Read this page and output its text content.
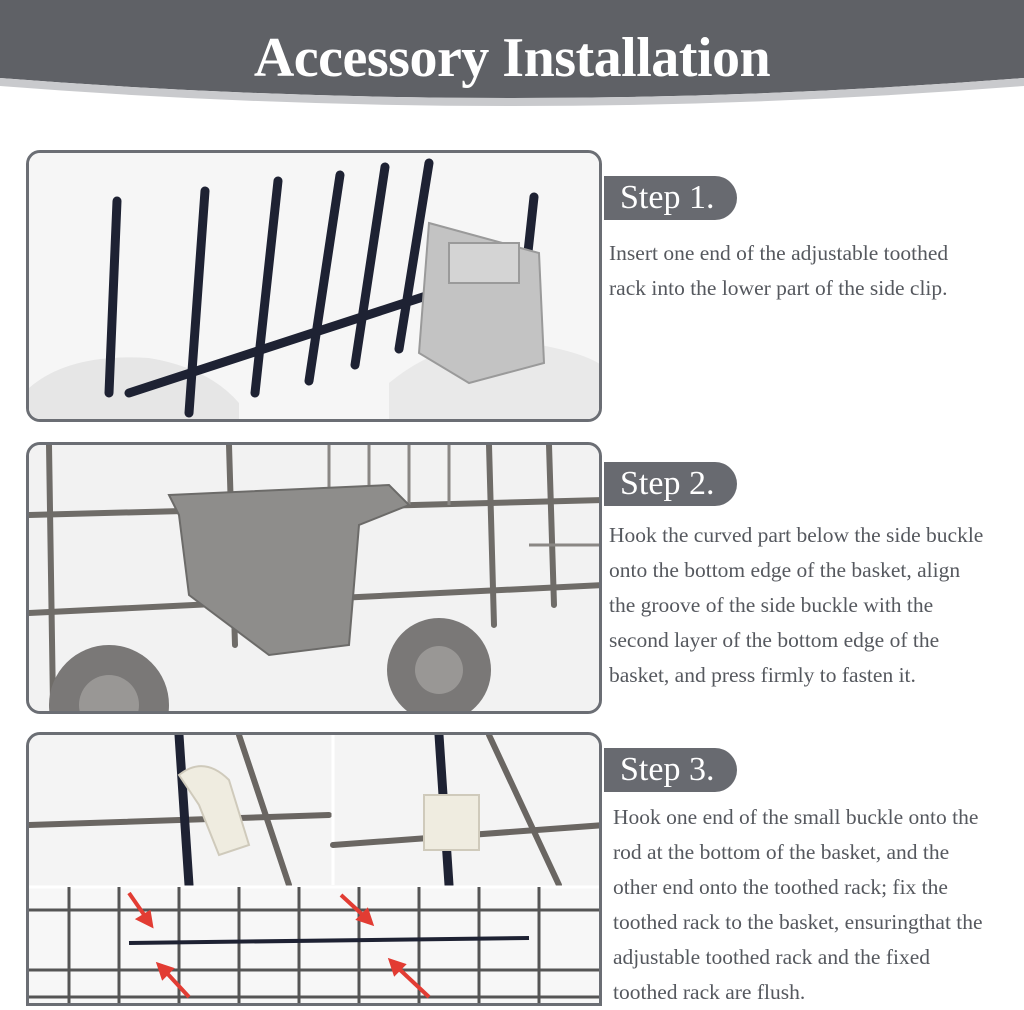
Accessory Installation
Step 1.
Insert one end of the adjustable toothed
rack into the lower part of the side clip.
Step 2.
Hook the curved part below the side buckle
onto the bottom edge of the basket, align
the groove of the side buckle with the
second layer of the bottom edge of the
basket, and press firmly to fasten it.
Step 3.
Hook one end of the small buckle onto the
rod at the bottom of the basket, and the
other end onto the toothed rack; fix the
toothed rack to the basket, ensuringthat the
adjustable toothed rack and the fixed
toothed rack are flush.
